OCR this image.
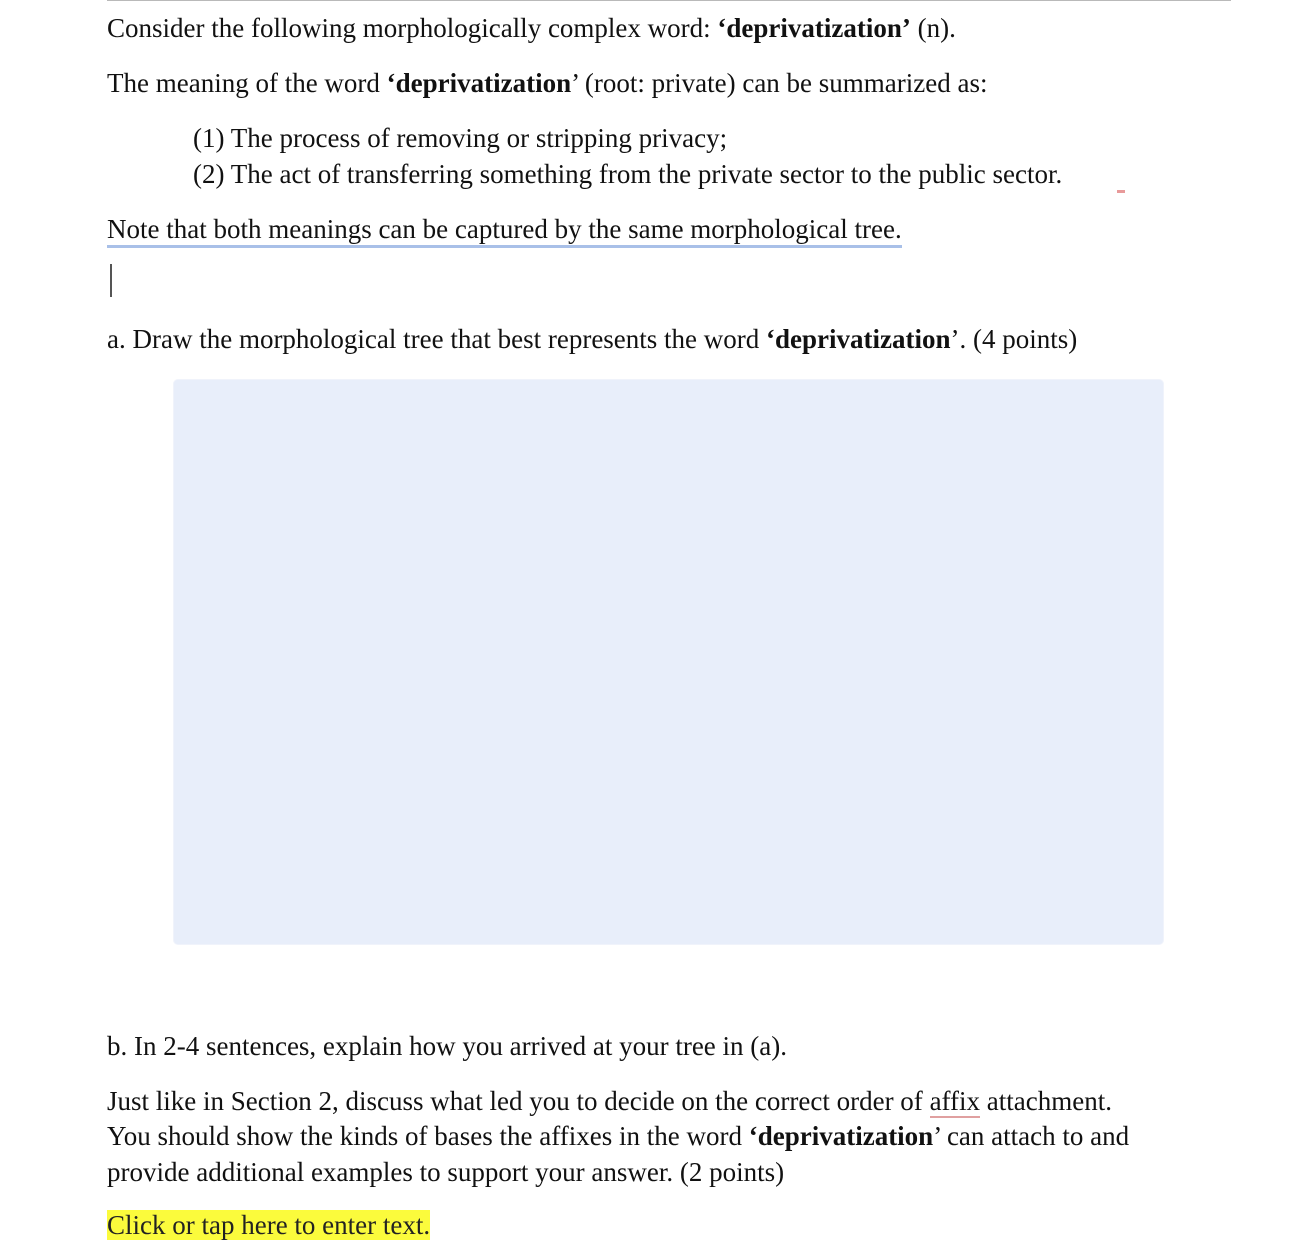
Consider the following morphologically complex word: ‘deprivatization’ (n).
The meaning of the word ‘deprivatization’ (root: private) can be summarized as:
(1) The process of removing or stripping privacy;
(2) The act of transferring something from the private sector to the public sector.
Note that both meanings can be captured by the same morphological tree.
a. Draw the morphological tree that best represents the word ‘deprivatization’. (4 points)
b. In 2-4 sentences, explain how you arrived at your tree in (a).
Just like in Section 2, discuss what led you to decide on the correct order of affix attachment.
You should show the kinds of bases the affixes in the word ‘deprivatization’ can attach to and
provide additional examples to support your answer. (2 points)
Click or tap here to enter text.
